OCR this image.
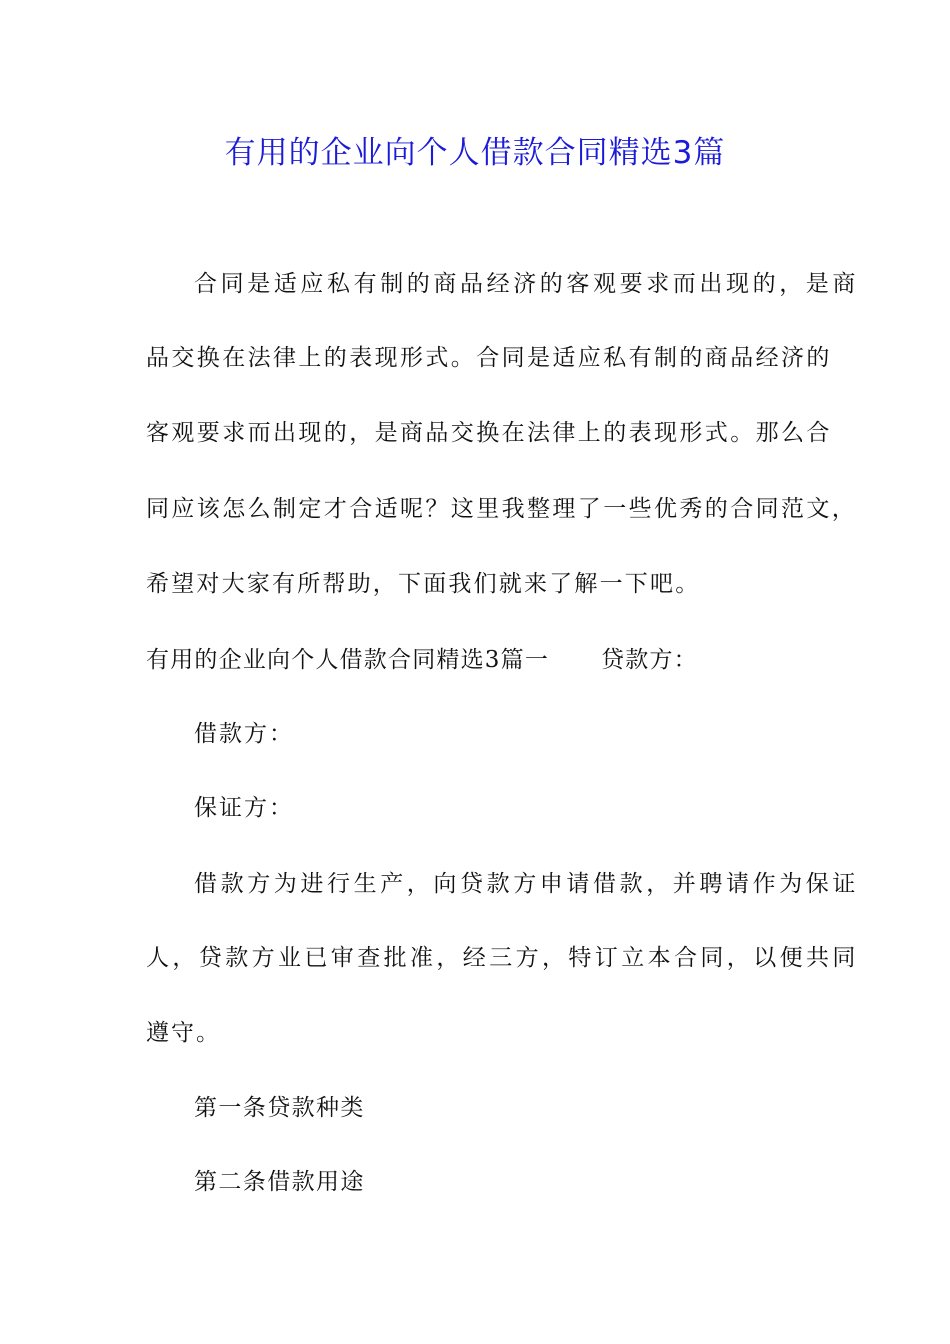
有用的企业向个人借款合同精选3篇
合同是适应私有制的商品经济的客观要求而出现的，是商
品交换在法律上的表现形式。合同是适应私有制的商品经济的
客观要求而出现的，是商品交换在法律上的表现形式。那么合
同应该怎么制定才合适呢？这里我整理了一些优秀的合同范文，
希望对大家有所帮助，下面我们就来了解一下吧。
有用的企业向个人借款合同精选3篇一 贷款方：
借款方：
保证方：
借款方为进行生产，向贷款方申请借款，并聘请作为保证
人，贷款方业已审查批准，经三方，特订立本合同，以便共同
遵守。
第一条贷款种类
第二条借款用途
